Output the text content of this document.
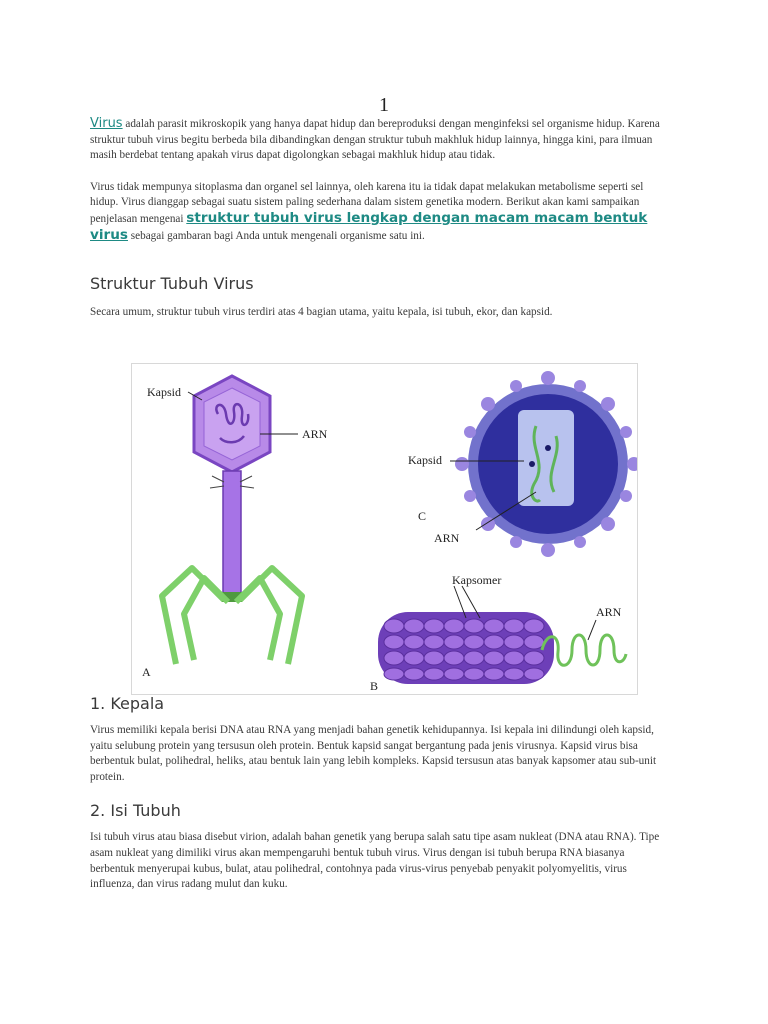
1

Virus adalah parasit mikroskopik yang hanya dapat hidup dan bereproduksi dengan menginfeksi sel organisme hidup. Karena struktur tubuh virus begitu berbeda bila dibandingkan dengan struktur tubuh makhluk hidup lainnya, hingga kini, para ilmuan masih berdebat tentang apakah virus dapat digolongkan sebagai makhluk hidup atau tidak.

Virus tidak mempunya sitoplasma dan organel sel lainnya, oleh karena itu ia tidak dapat melakukan metabolisme seperti sel hidup. Virus dianggap sebagai suatu sistem paling sederhana dalam sistem genetika modern. Berikut akan kami sampaikan penjelasan mengenai struktur tubuh virus lengkap dengan macam macam bentuk virus sebagai gambaran bagi Anda untuk mengenali organisme satu ini.

Struktur Tubuh Virus

Secara umum, struktur tubuh virus terdiri atas 4 bagian utama, yaitu kepala, isi tubuh, ekor, dan kapsid.

Kapsid
ARN
A
Kapsid
C
ARN
Kapsomer
ARN
B
1. Kepala

Virus memiliki kepala berisi DNA atau RNA yang menjadi bahan genetik kehidupannya. Isi kepala ini dilindungi oleh kapsid, yaitu selubung protein yang tersusun oleh protein. Bentuk kapsid sangat bergantung pada jenis virusnya. Kapsid virus bisa berbentuk bulat, polihedral, heliks, atau bentuk lain yang lebih kompleks. Kapsid tersusun atas banyak kapsomer atau sub-unit protein.

2. Isi Tubuh

Isi tubuh virus atau biasa disebut virion, adalah bahan genetik yang berupa salah satu tipe asam nukleat (DNA atau RNA). Tipe asam nukleat yang dimiliki virus akan mempengaruhi bentuk tubuh virus. Virus dengan isi tubuh berupa RNA biasanya berbentuk menyerupai kubus, bulat, atau polihedral, contohnya pada virus-virus penyebab penyakit polyomyelitis, virus influenza, dan virus radang mulut dan kuku.
